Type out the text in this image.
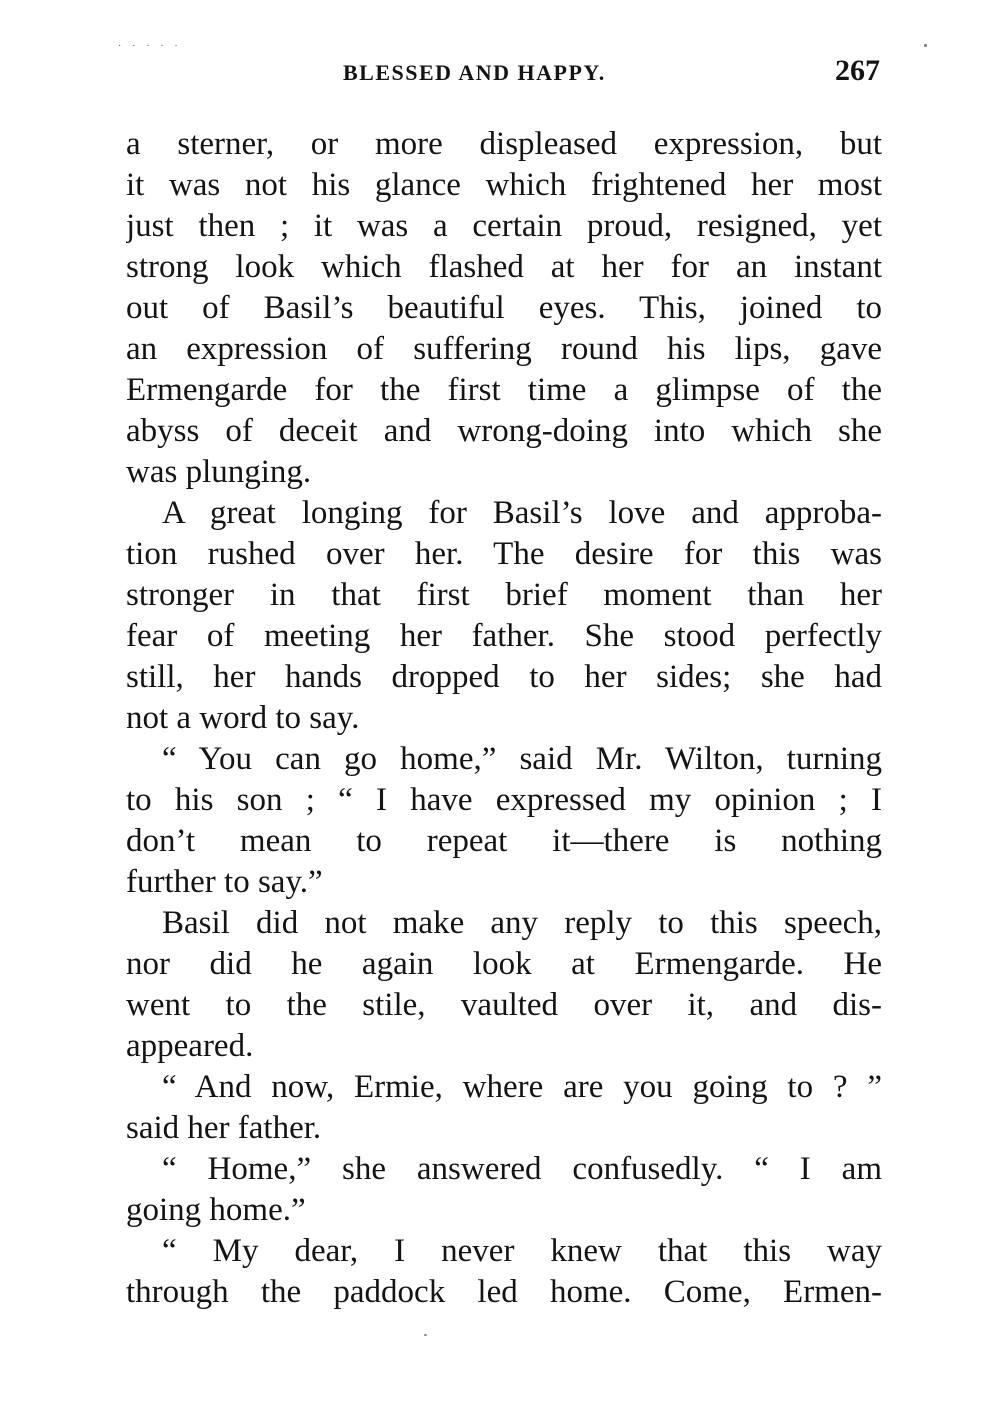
· · · · ·
BLESSED AND HAPPY.	267
a sterner, or more displeased expression, but
it was not his glance which frightened her most
just then ; it was a certain proud, resigned, yet
strong look which flashed at her for an instant
out of Basil’s beautiful eyes. This, joined to
an expression of suffering round his lips, gave
Ermengarde for the first time a glimpse of the
abyss of deceit and wrong-doing into which she
was plunging.
A great longing for Basil’s love and approba-
tion rushed over her. The desire for this was
stronger in that first brief moment than her
fear of meeting her father. She stood perfectly
still, her hands dropped to her sides; she had
not a word to say.
“ You can go home,” said Mr. Wilton, turning
to his son ; “ I have expressed my opinion ; I
don’t mean to repeat it—there is nothing
further to say.”
Basil did not make any reply to this speech,
nor did he again look at Ermengarde. He
went to the stile, vaulted over it, and dis-
appeared.
“ And now, Ermie, where are you going to ? ”
said her father.
“ Home,” she answered confusedly. “ I am
going home.”
“ My dear, I never knew that this way
through the paddock led home. Come, Ermen-
